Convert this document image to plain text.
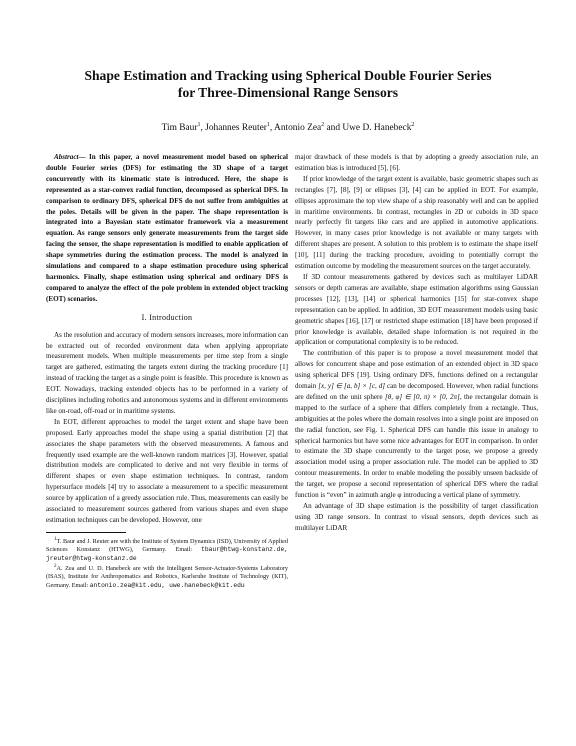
Shape Estimation and Tracking using Spherical Double Fourier Series
for Three-Dimensional Range Sensors
Tim Baur$^1$, Johannes Reuter$^1$, Antonio Zea$^2$ and Uwe D. Hanebeck$^2$

Abstract— In this paper, a novel measurement model based on spherical double Fourier series (DFS) for estimating the 3D shape of a target concurrently with its kinematic state is introduced. Here, the shape is represented as a star-convex radial function, decomposed as spherical DFS. In comparison to ordinary DFS, spherical DFS do not suffer from ambiguities at the poles. Details will be given in the paper. The shape representation is integrated into a Bayesian state estimator framework via a measurement equation. As range sensors only generate measurements from the target side facing the sensor, the shape representation is modified to enable application of shape symmetries during the estimation process. The model is analyzed in simulations and compared to a shape estimation procedure using spherical harmonics. Finally, shape estimation using spherical and ordinary DFS is compared to analyze the effect of the pole problem in extended object tracking (EOT) scenarios.

I. Introduction

As the resolution and accuracy of modern sensors increases, more information can be extracted out of recorded environment data when applying appropriate measurement models. When multiple measurements per time step from a single target are gathered, estimating the targets extent during the tracking procedure [1] instead of tracking the target as a single point is feasible. This procedure is known as EOT. Nowadays, tracking extended objects has to be performed in a variety of disciplines including robotics and autonomous systems and in different environments like on-road, off-road or in maritime systems.

In EOT, different approaches to model the target extent and shape have been proposed. Early approaches model the shape using a spatial distribution [2] that associates the shape parameters with the observed measurements. A famous and frequently used example are the well-known random matrices [3]. However, spatial distribution models are complicated to derive and not very flexible in terms of different shapes or even shape estimation techniques. In contrast, random hypersurface models [4] try to associate a measurement to a specific measurement source by application of a greedy association rule. Thus, measurements can easily be associated to measurement sources gathered from various shapes and even shape estimation techniques can be developed. However, one

$^1$T. Baur and J. Reuter are with the Institute of System Dynamics (ISD), University of Applied Sciences Konstanz (HTWG), Germany. Email: tbaur@htwg-konstanz.de, jreuter@htwg-konstanz.de

$^2$A. Zea and U. D. Hanebeck are with the Intelligent Sensor-Actuator-Systems Laboratory (ISAS), Institute for Anthropomatics and Robotics, Karlsruhe Institute of Technology (KIT), Germany. Email: antonio.zea@kit.edu, uwe.hanebeck@kit.edu

major drawback of these models is that by adopting a greedy association rule, an estimation bias is introduced [5], [6].

If prior knowledge of the target extent is available, basic geometric shapes such as rectangles [7], [8], [9] or ellipses [3], [4] can be applied in EOT. For example, ellipses approximate the top view shape of a ship reasonably well and can be applied in maritime environments. In contrast, rectangles in 2D or cuboids in 3D space nearly perfectly fit targets like cars and are applied in automotive applications. However, in many cases prior knowledge is not available or many targets with different shapes are present. A solution to this problem is to estimate the shape itself [10], [11] during the tracking procedure, avoiding to potentially corrupt the estimation outcome by modeling the measurement sources on the target accurately.

If 3D contour measurements gathered by devices such as multilayer LiDAR sensors or depth cameras are available, shape estimation algorithms using Gaussian processes [12], [13], [14] or spherical harmonics [15] for star-convex shape representation can be applied. In addition, 3D EOT measurement models using basic geometric shapes [16], [17] or restricted shape estimation [18] have been proposed if prior knowledge is available, detailed shape information is not required in the application or computational complexity is to be reduced.

The contribution of this paper is to propose a novel measurement model that allows for concurrent shape and pose estimation of an extended object in 3D space using spherical DFS [19]. Using ordinary DFS, functions defined on a rectangular domain [x, y] ∈ [a, b] × [c, d] can be decomposed. However, when radial functions are defined on the unit sphere [θ, φ] ∈ [0, π) × [0, 2π], the rectangular domain is mapped to the surface of a sphere that differs completely from a rectangle. Thus, ambiguities at the poles where the domain resolves into a single point are imposed on the radial function, see Fig. 1. Spherical DFS can handle this issue in analogy to spherical harmonics but have some nice advantages for EOT in comparison. In order to estimate the 3D shape concurrently to the target pose, we propose a greedy association model using a proper association rule. The model can be applied to 3D contour measurements. In order to enable modeling the possibly unseen backside of the target, we propose a second representation of spherical DFS where the radial function is “even” in azimuth angle φ introducing a vertical plane of symmetry.

An advantage of 3D shape estimation is the possibility of target classification using 3D range sensors. In contrast to visual sensors, depth devices such as multilayer LiDAR
